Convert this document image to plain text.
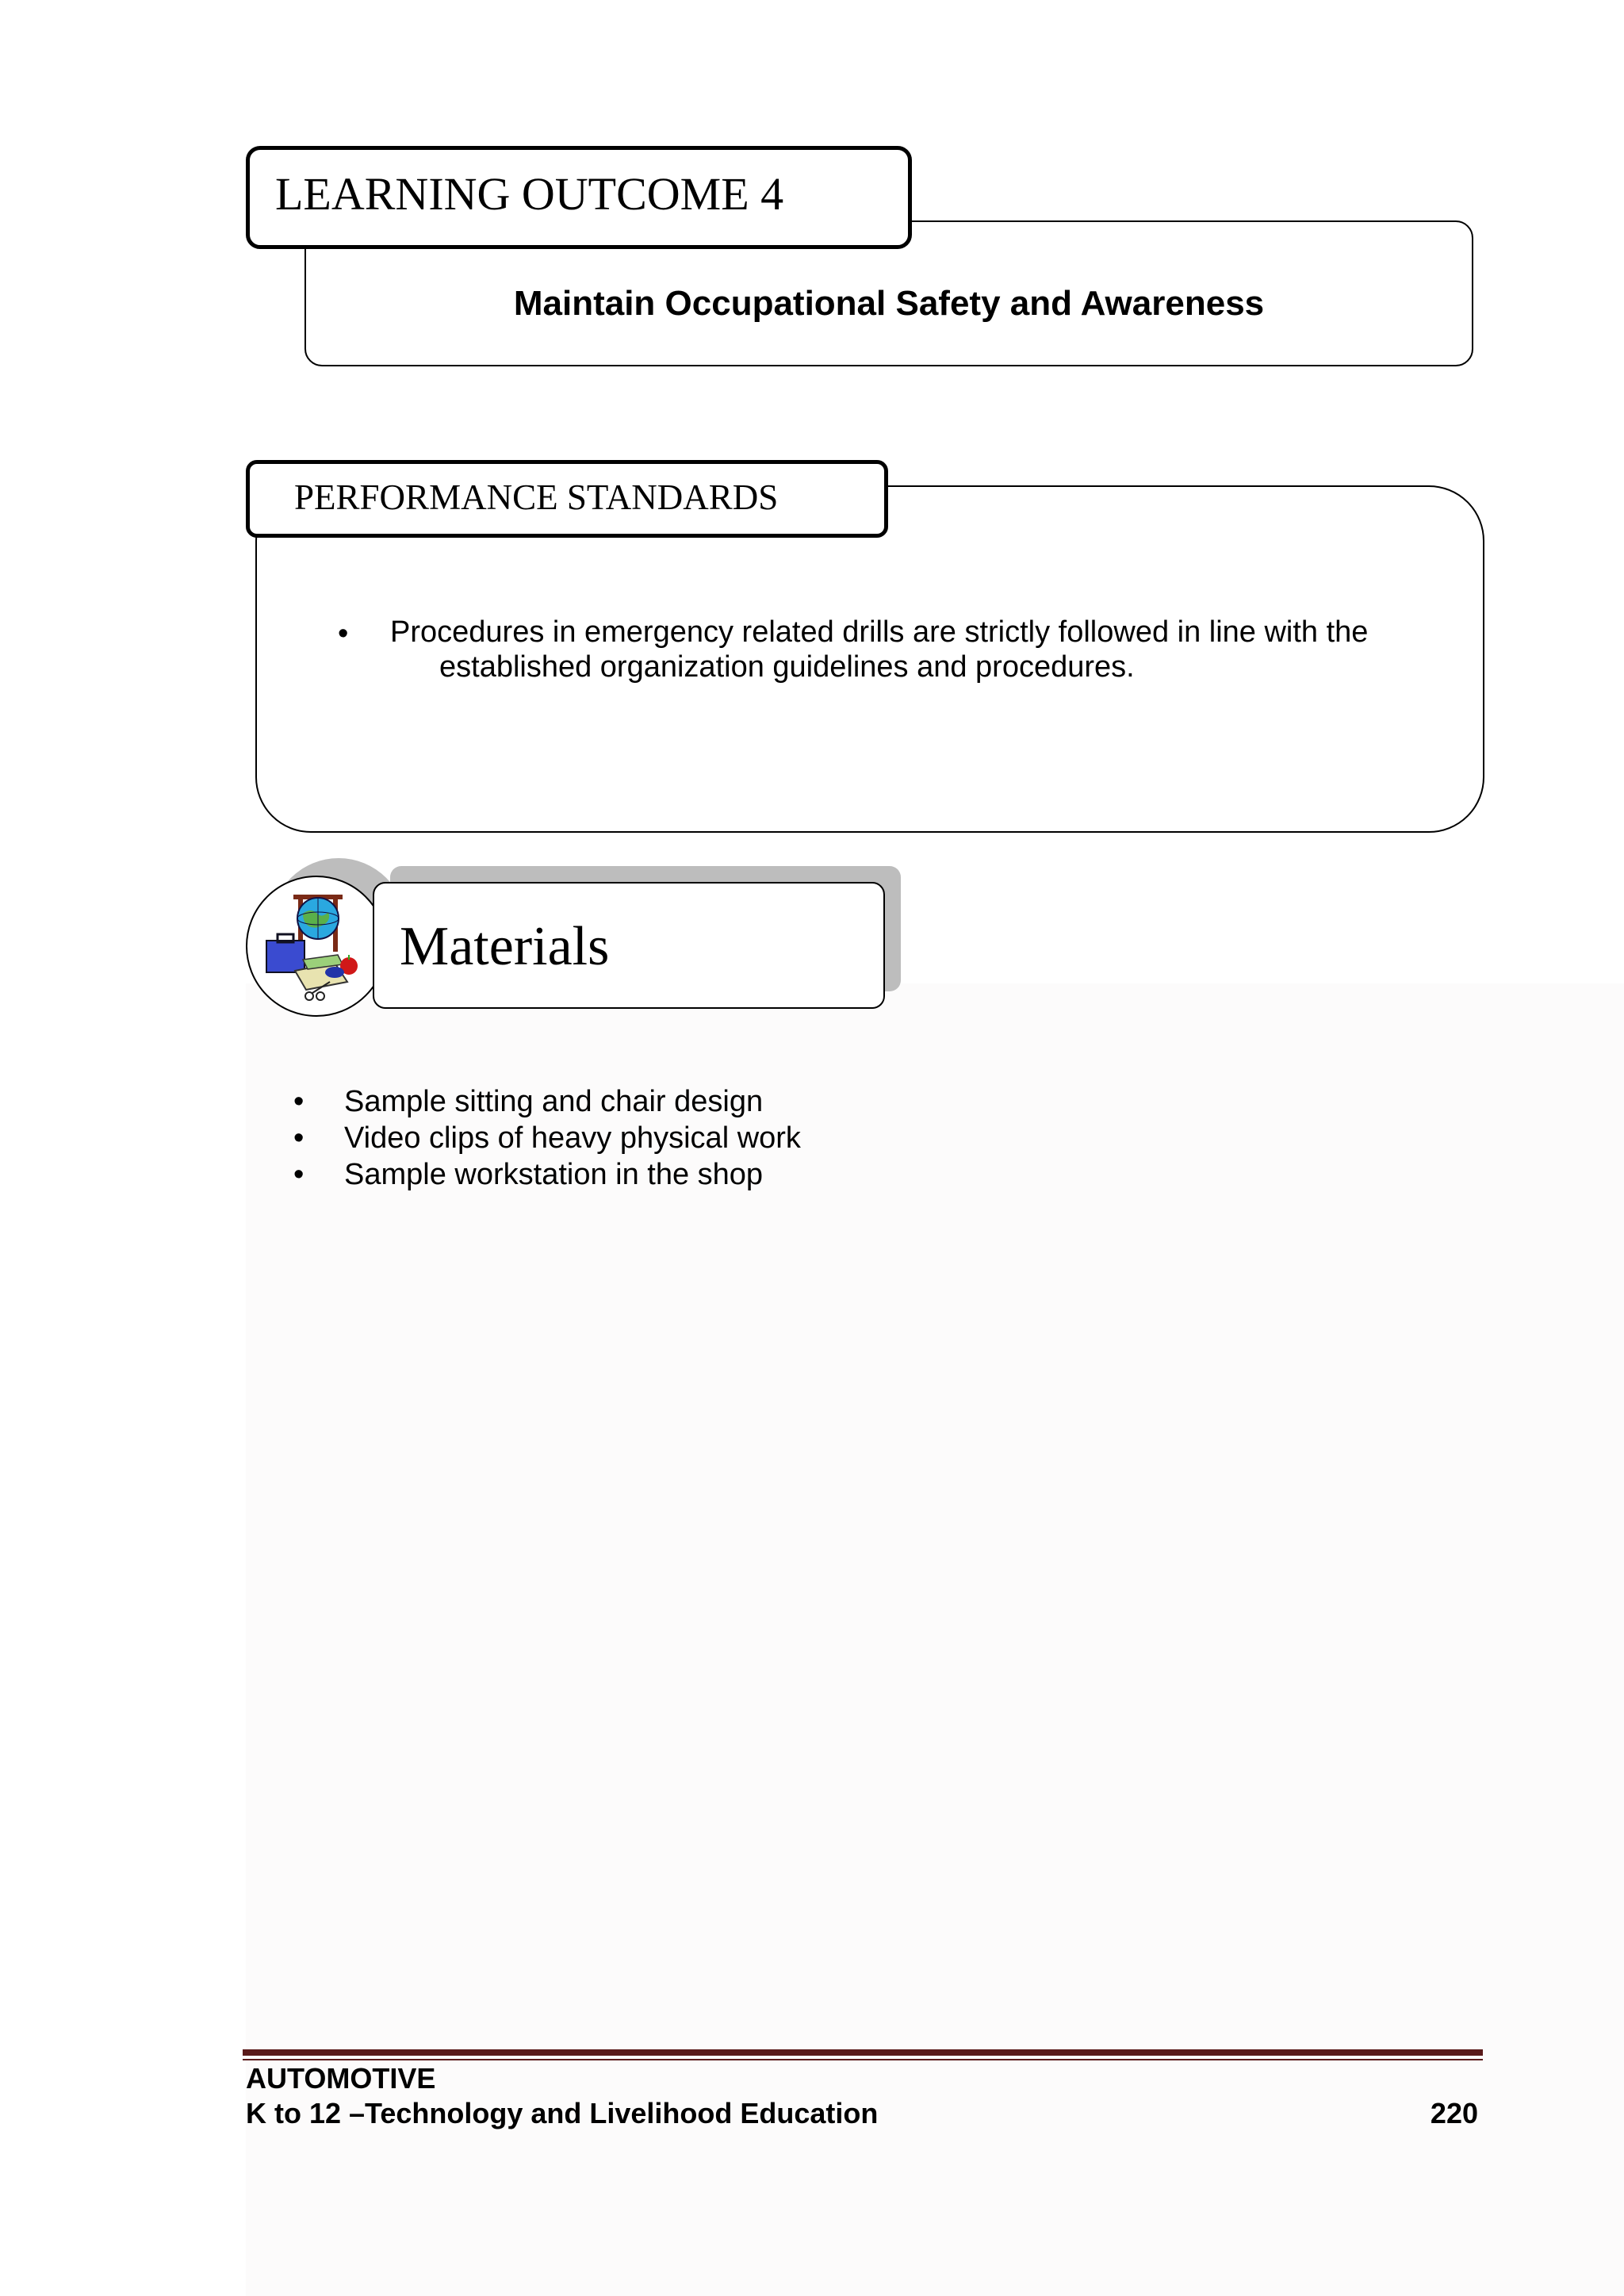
Maintain Occupational Safety and Awareness
LEARNING OUTCOME 4
PERFORMANCE STANDARDS
• Procedures in emergency related drills are strictly followed in line with the
established organization guidelines and procedures.
Materials
• Sample sitting and chair design
• Video clips of heavy physical work
• Sample workstation in the shop
AUTOMOTIVE
K to 12 –Technology and Livelihood Education	220
